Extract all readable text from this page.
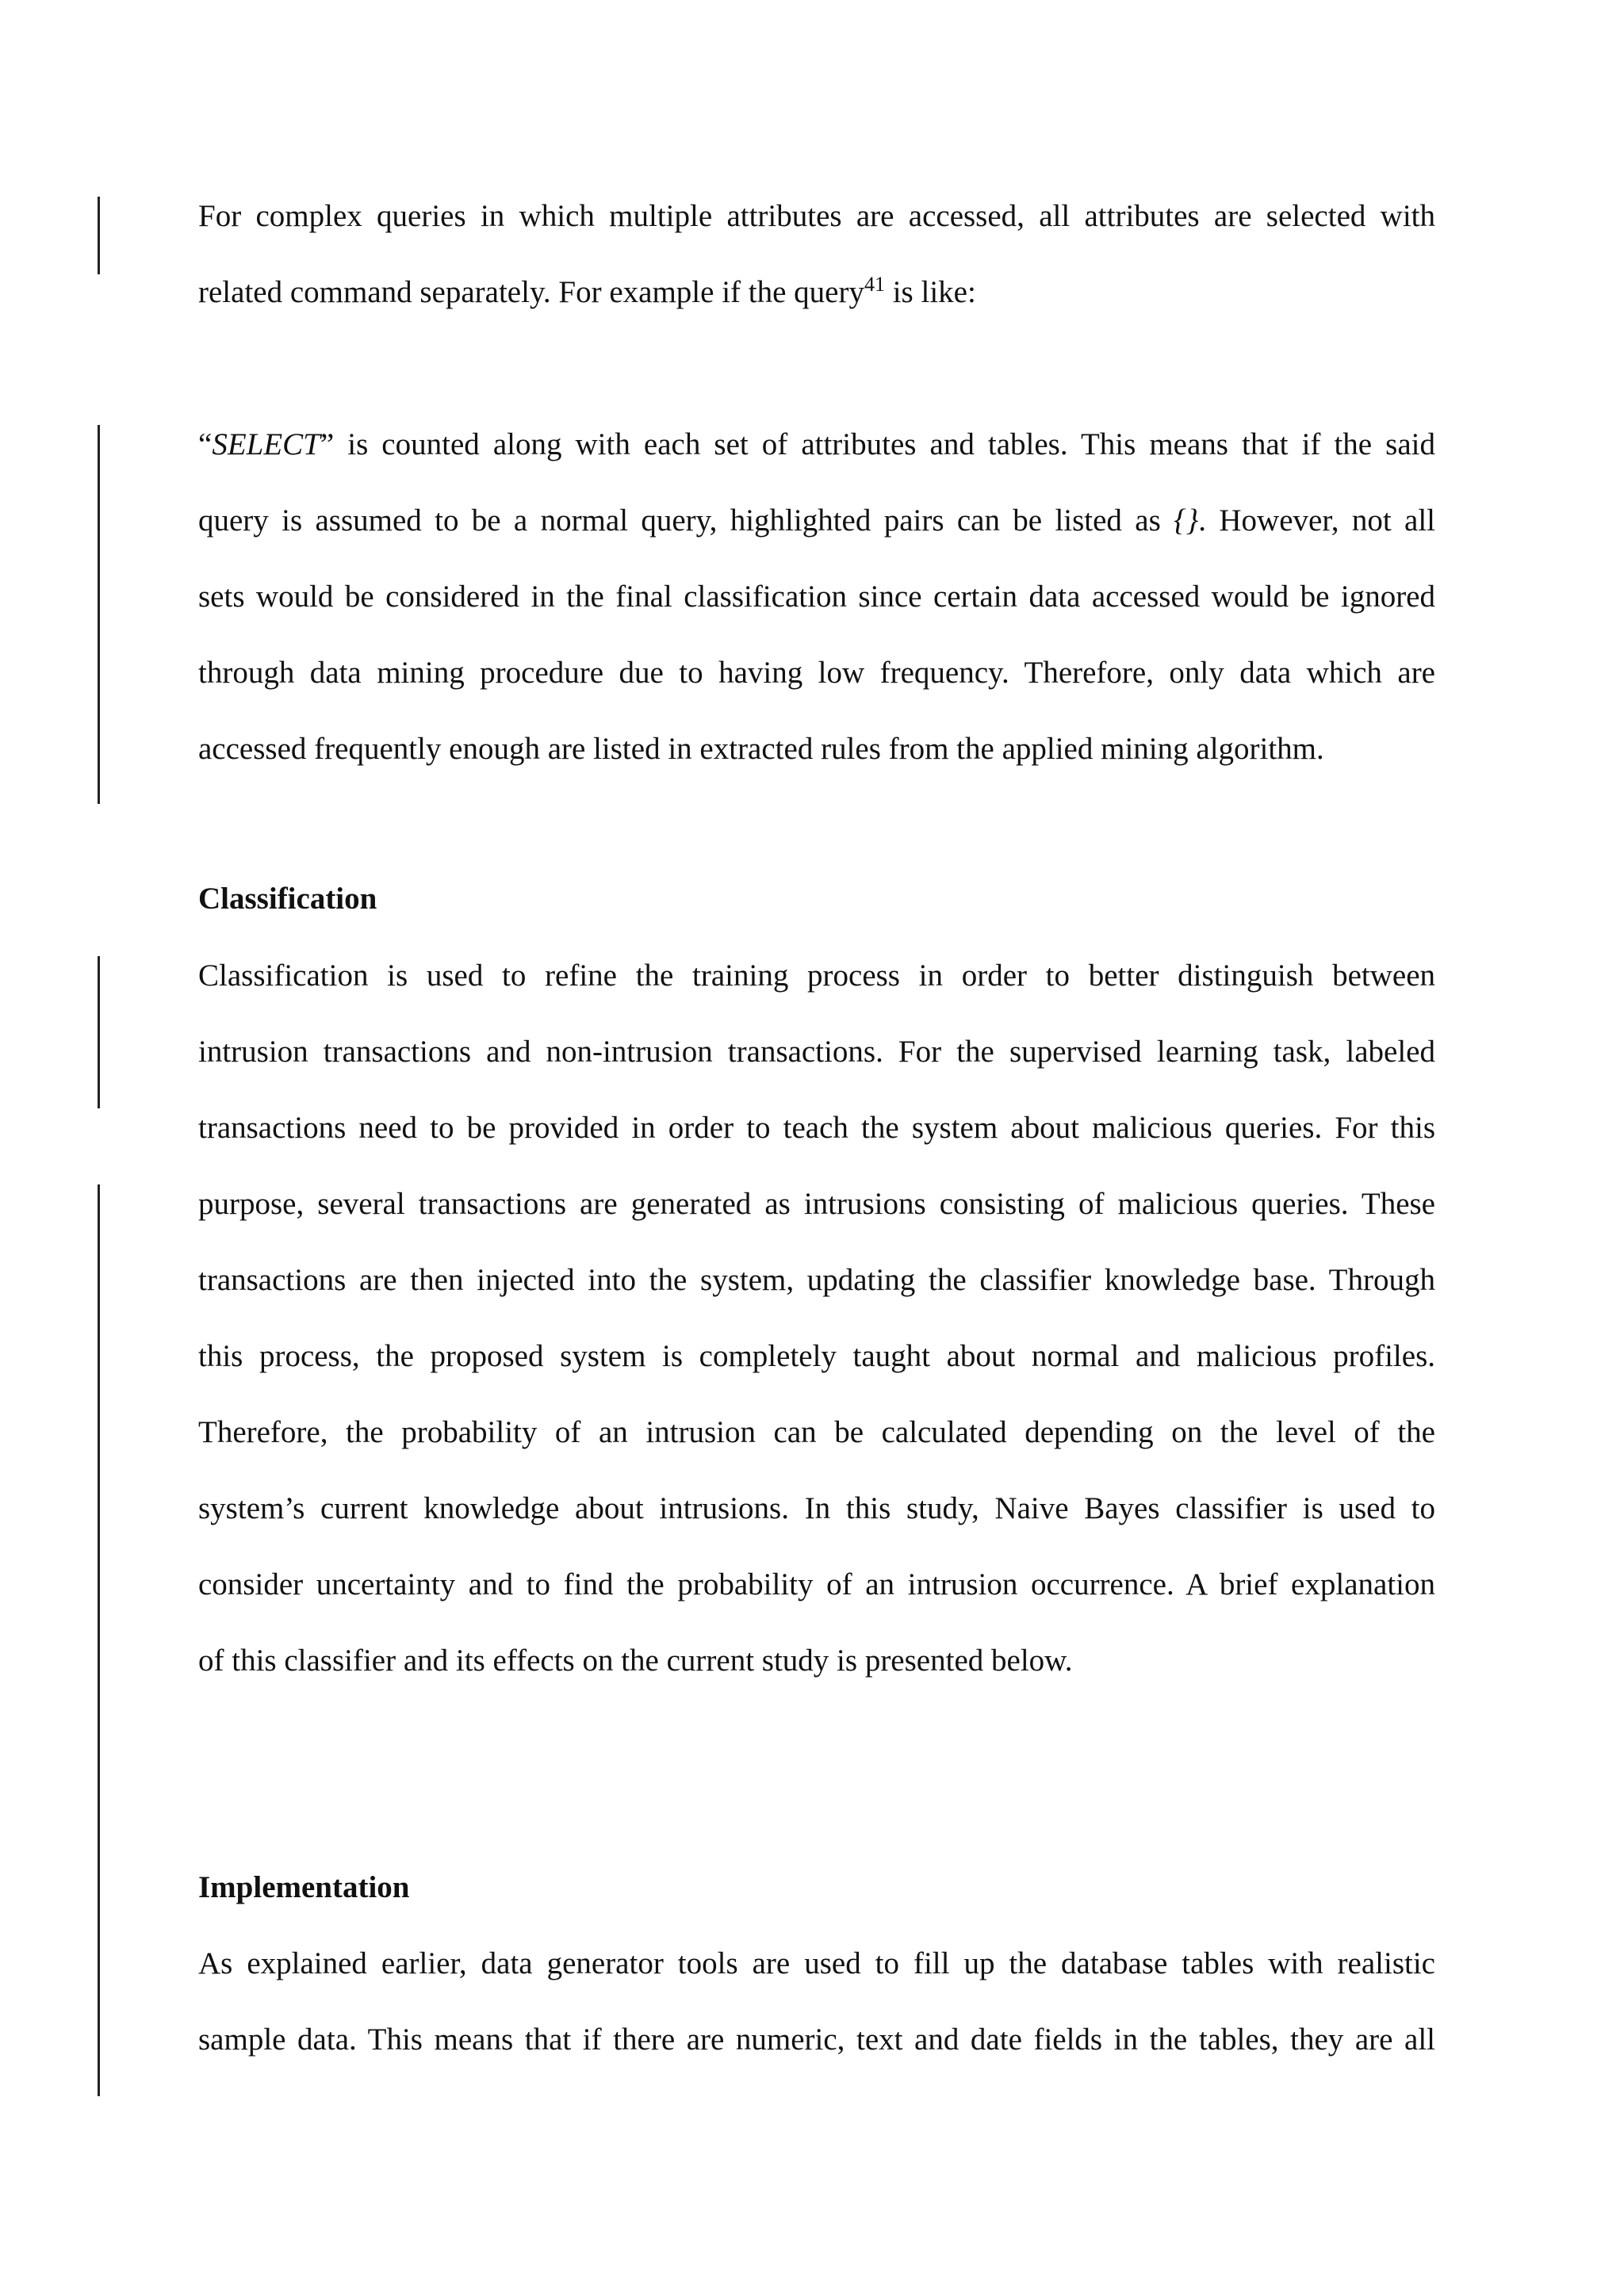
For complex queries in which multiple attributes are accessed, all attributes are selected with
related command separately. For example if the query$^{41}$ is like:
“SELECT” is counted along with each set of attributes and tables. This means that if the said
query is assumed to be a normal query, highlighted pairs can be listed as {}. However, not all
sets would be considered in the final classification since certain data accessed would be ignored
through data mining procedure due to having low frequency. Therefore, only data which are
accessed frequently enough are listed in extracted rules from the applied mining algorithm.
Classification
Classification is used to refine the training process in order to better distinguish between
intrusion transactions and non-intrusion transactions. For the supervised learning task, labeled
transactions need to be provided in order to teach the system about malicious queries. For this
purpose, several transactions are generated as intrusions consisting of malicious queries. These
transactions are then injected into the system, updating the classifier knowledge base. Through
this process, the proposed system is completely taught about normal and malicious profiles.
Therefore, the probability of an intrusion can be calculated depending on the level of the
system’s current knowledge about intrusions. In this study, Naive Bayes classifier is used to
consider uncertainty and to find the probability of an intrusion occurrence. A brief explanation
of this classifier and its effects on the current study is presented below.
Implementation
As explained earlier, data generator tools are used to fill up the database tables with realistic
sample data. This means that if there are numeric, text and date fields in the tables, they are all
